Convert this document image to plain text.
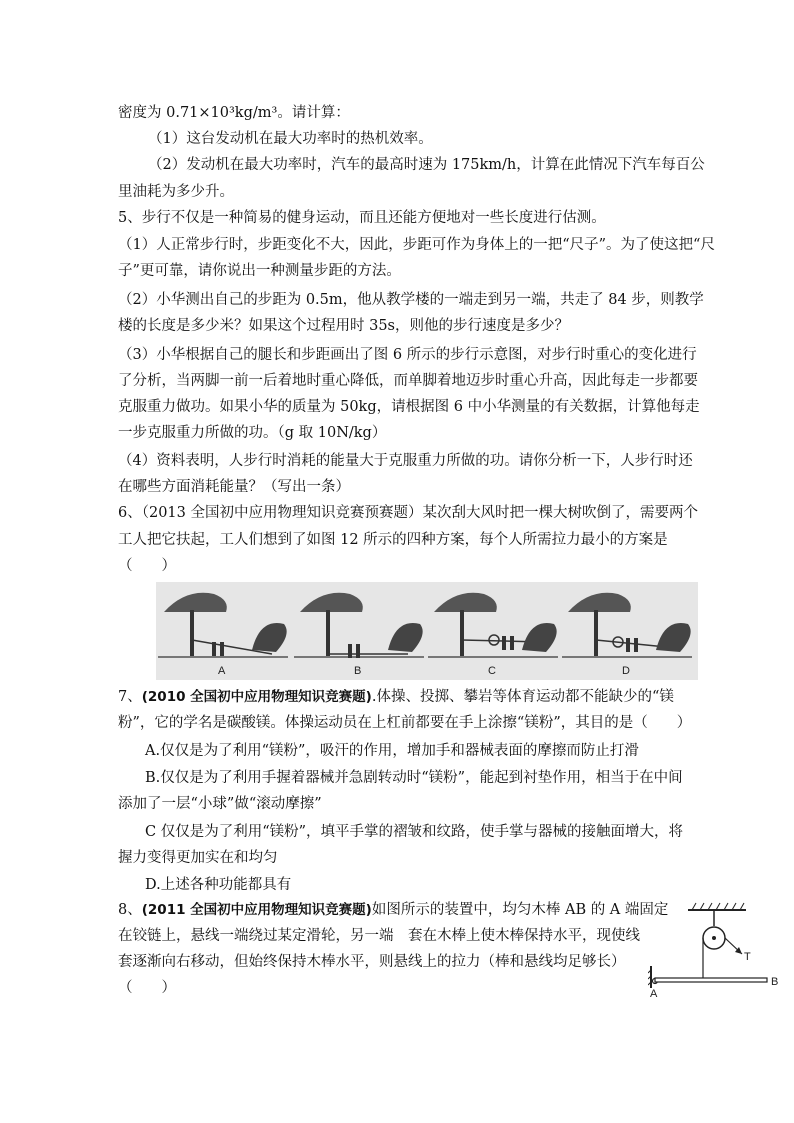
密度为 0.71×10³kg/m³。请计算：
（1）这台发动机在最大功率时的热机效率。
（2）发动机在最大功率时，汽车的最高时速为 175km/h，计算在此情况下汽车每百公
里油耗为多少升。
5、步行不仅是一种简易的健身运动，而且还能方便地对一些长度进行估测。
（1）人正常步行时，步距变化不大，因此，步距可作为身体上的一把“尺子”。为了使这把“尺
子”更可靠，请你说出一种测量步距的方法。
（2）小华测出自己的步距为 0.5m，他从教学楼的一端走到另一端，共走了 84 步，则教学
楼的长度是多少米？如果这个过程用时 35s，则他的步行速度是多少？
（3）小华根据自己的腿长和步距画出了图 6 所示的步行示意图，对步行时重心的变化进行
了分析，当两脚一前一后着地时重心降低，而单脚着地迈步时重心升高，因此每走一步都要
克服重力做功。如果小华的质量为 50kg，请根据图 6 中小华测量的有关数据，计算他每走
一步克服重力所做的功。（g 取 10N/kg）
（4）资料表明，人步行时消耗的能量大于克服重力所做的功。请你分析一下，人步行时还
在哪些方面消耗能量？（写出一条）
6、（2013 全国初中应用物理知识竞赛预赛题）某次刮大风时把一棵大树吹倒了，需要两个
工人把它扶起，工人们想到了如图 12 所示的四种方案，每个人所需拉力最小的方案是
（　　）
A	B	C	D
7、(2010 全国初中应用物理知识竞赛题).体操、投掷、攀岩等体育运动都不能缺少的“镁
粉”，它的学名是碳酸镁。体操运动员在上杠前都要在手上涂擦“镁粉”，其目的是（　　）
A.仅仅是为了利用“镁粉”，吸汗的作用，增加手和器械表面的摩擦而防止打滑
B.仅仅是为了利用手握着器械并急剧转动时“镁粉”，能起到衬垫作用，相当于在中间
添加了一层“小球”做“滚动摩擦”
C 仅仅是为了利用“镁粉”，填平手掌的褶皱和纹路，使手掌与器械的接触面增大，将
握力变得更加实在和均匀
D.上述各种功能都具有
8、(2011 全国初中应用物理知识竞赛题)如图所示的装置中，均匀木棒 AB 的 A 端固定
在铰链上，悬线一端绕过某定滑轮，另一端　套在木棒上使木棒保持水平，现使线
套逐渐向右移动，但始终保持木棒水平，则悬线上的拉力（棒和悬线均足够长）
（　　）
T
A
B
